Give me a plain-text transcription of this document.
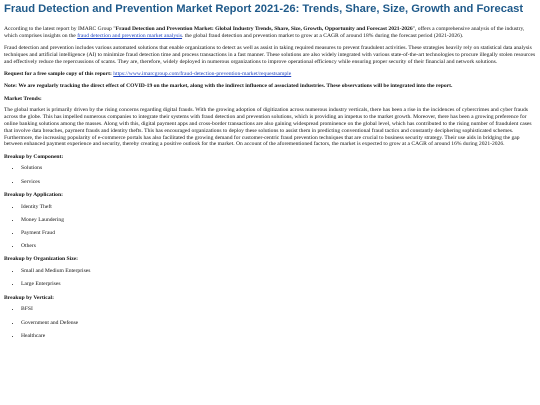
Fraud Detection and Prevention Market Report 2021-26: Trends, Share, Size, Growth and Forecast

According to the latest report by IMARC Group "Fraud Detection and Prevention Market: Global Industry Trends, Share, Size, Growth, Opportunity and Forecast 2021-2026", offers a comprehensive analysis of the industry, which comprises insights on the fraud detection and prevention market analysis. the global fraud detection and prevention market to grow at a CAGR of around 18% during the forecast period (2021-2026).

Fraud detection and prevention includes various automated solutions that enable organizations to detect as well as assist in taking required measures to prevent fraudulent activities. These strategies heavily rely on statistical data analysis techniques and artificial intelligence (AI) to minimize fraud detection time and process transactions in a fast manner. These solutions are also widely integrated with various state-of-the-art technologies to procure illegally stolen resources and effectively reduce the repercussions of scams. They are, therefore, widely deployed in numerous organizations to improve operational efficiency while ensuring proper security of their financial and network solutions.

Request for a free sample copy of this report: https://www.imarcgroup.com/fraud-detection-prevention-market/requestsample

Note: We are regularly tracking the direct effect of COVID-19 on the market, along with the indirect influence of associated industries. These observations will be integrated into the report.

Market Trends:

The global market is primarily driven by the rising concerns regarding digital frauds. With the growing adoption of digitization across numerous industry verticals, there has been a rise in the incidences of cybercrimes and cyber frauds across the globe. This has impelled numerous companies to integrate their systems with fraud detection and prevention solutions, which is providing an impetus to the market growth. Moreover, there has been a growing preference for online banking solutions among the masses. Along with this, digital payment apps and cross-border transactions are also gaining widespread prominence on the global level, which has contributed to the rising number of fraudulent cases that involve data breaches, payment frauds and identity thefts. This has encouraged organizations to deploy these solutions to assist them in predicting conventional fraud tactics and constantly deciphering sophisticated schemes. Furthermore, the increasing popularity of e-commerce portals has also facilitated the growing demand for customer-centric fraud prevention techniques that are crucial to business security strategy. Their use aids in bridging the gap between enhanced payment experience and security, thereby creating a positive outlook for the market. On account of the aforementioned factors, the market is expected to grow at a CAGR of around 16% during 2021-2026.

Breakup by Component:

• Solutions
• Services

Breakup by Application:

• Identity Theft
• Money Laundering
• Payment Fraud
• Others

Breakup by Organization Size:

• Small and Medium Enterprises
• Large Enterprises

Breakup by Vertical:

• BFSI
• Government and Defense
• Healthcare
